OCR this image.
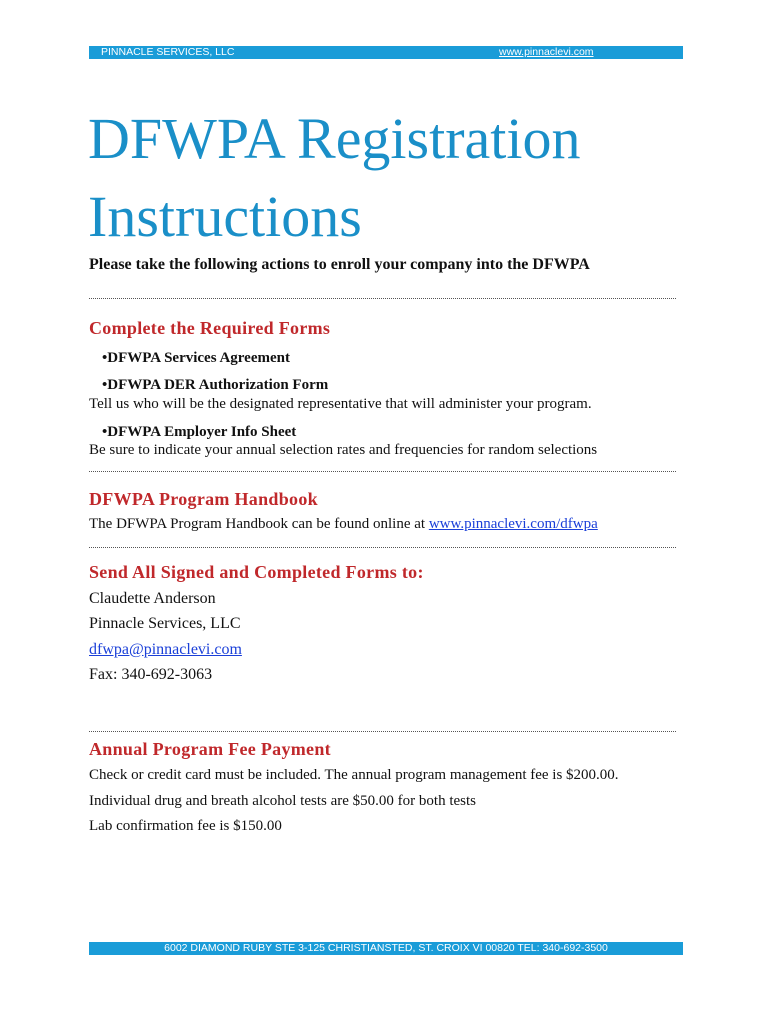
PINNACLE SERVICES, LLC	www.pinnaclevi.com
DFWPA Registration
Instructions
Please take the following actions to enroll your company into the DFWPA
Complete the Required Forms
•DFWPA Services Agreement
•DFWPA DER Authorization Form
Tell us who will be the designated representative that will administer your program.
•DFWPA Employer Info Sheet
Be sure to indicate your annual selection rates and frequencies for random selections
DFWPA Program Handbook
The DFWPA Program Handbook can be found online at www.pinnaclevi.com/dfwpa
Send All Signed and Completed Forms to:
Claudette Anderson
Pinnacle Services, LLC
dfwpa@pinnaclevi.com
Fax: 340-692-3063
Annual Program Fee Payment
Check or credit card must be included. The annual program management fee is $200.00.
Individual drug and breath alcohol tests are $50.00 for both tests
Lab confirmation fee is $150.00
6002 DIAMOND RUBY STE 3-125 CHRISTIANSTED, ST. CROIX VI 00820 TEL: 340-692-3500
